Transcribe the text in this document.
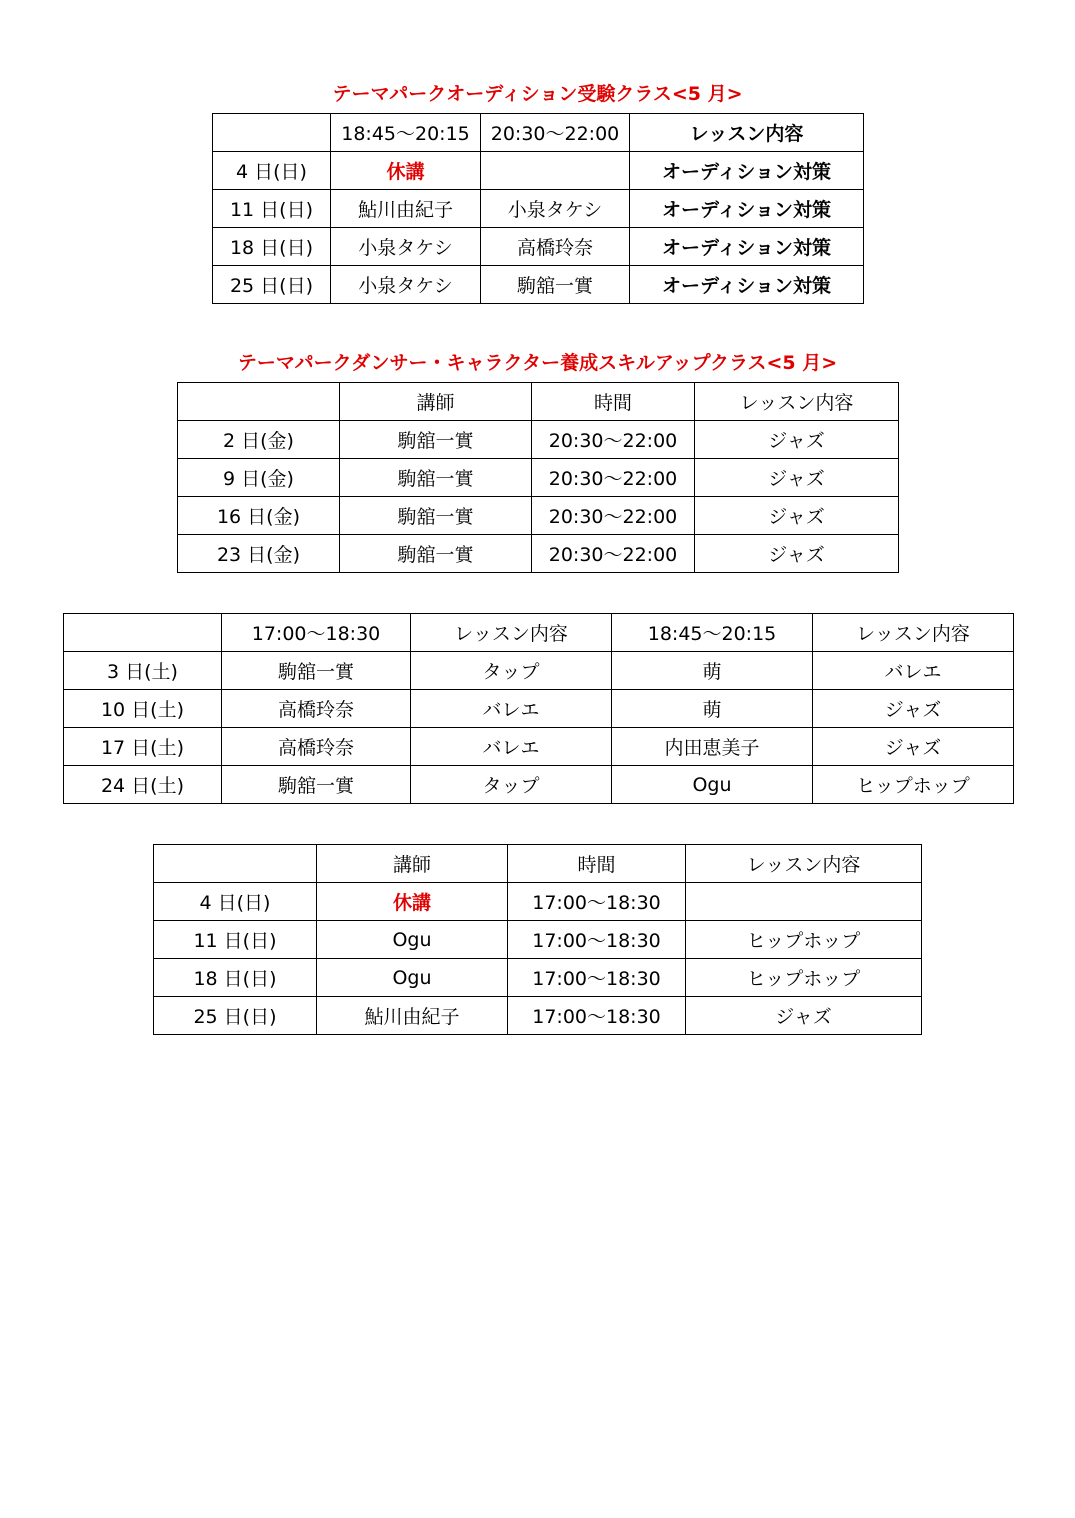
テーマパークオーディション受験クラス<5 月>
	18:45～20:15	20:30～22:00	レッスン内容
4 日(日)	休講		オーディション対策
11 日(日)	鮎川由紀子	小泉タケシ	オーディション対策
18 日(日)	小泉タケシ	高橋玲奈	オーディション対策
25 日(日)	小泉タケシ	駒舘一實	オーディション対策
テーマパークダンサー・キャラクター養成スキルアップクラス<5 月>
	講師	時間	レッスン内容
2 日(金)	駒舘一實	20:30～22:00	ジャズ
9 日(金)	駒舘一實	20:30～22:00	ジャズ
16 日(金)	駒舘一實	20:30～22:00	ジャズ
23 日(金)	駒舘一實	20:30～22:00	ジャズ
	17:00～18:30	レッスン内容	18:45～20:15	レッスン内容
3 日(土)	駒舘一實	タップ	萌	バレエ
10 日(土)	高橋玲奈	バレエ	萌	ジャズ
17 日(土)	高橋玲奈	バレエ	内田恵美子	ジャズ
24 日(土)	駒舘一實	タップ	Ogu	ヒップホップ
	講師	時間	レッスン内容
4 日(日)	休講	17:00～18:30	
11 日(日)	Ogu	17:00～18:30	ヒップホップ
18 日(日)	Ogu	17:00～18:30	ヒップホップ
25 日(日)	鮎川由紀子	17:00～18:30	ジャズ
